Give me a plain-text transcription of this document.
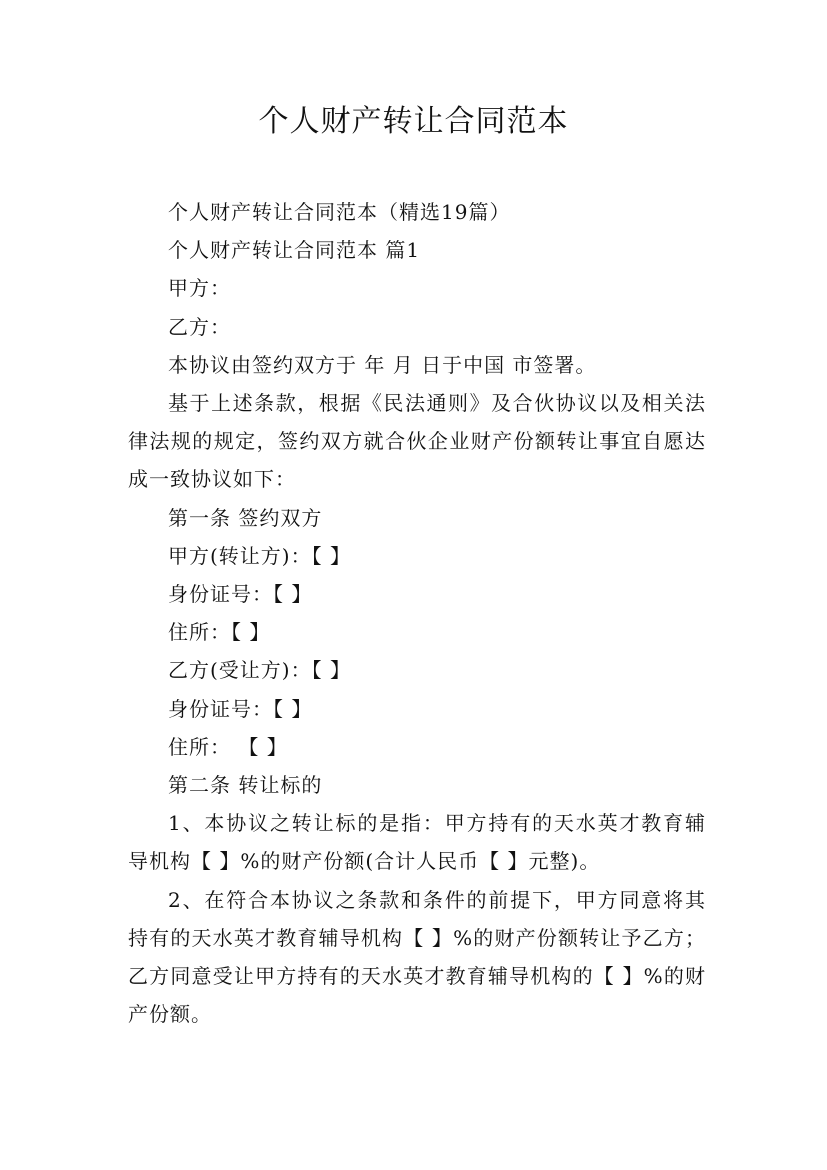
个人财产转让合同范本

个人财产转让合同范本（精选19篇）

个人财产转让合同范本 篇1

甲方：

乙方：

本协议由签约双方于 年 月 日于中国 市签署。

基于上述条款，根据《民法通则》及合伙协议以及相关法律法规的规定，签约双方就合伙企业财产份额转让事宜自愿达成一致协议如下：

第一条 签约双方

甲方(转让方)：【 】

身份证号：【 】

住所：【 】

乙方(受让方)：【 】

身份证号：【 】

住所： 【 】

第二条 转让标的

1、本协议之转让标的是指：甲方持有的天水英才教育辅导机构【 】%的财产份额(合计人民币【 】元整)。

2、在符合本协议之条款和条件的前提下，甲方同意将其持有的天水英才教育辅导机构【 】%的财产份额转让予乙方；乙方同意受让甲方持有的天水英才教育辅导机构的【 】%的财产份额。
